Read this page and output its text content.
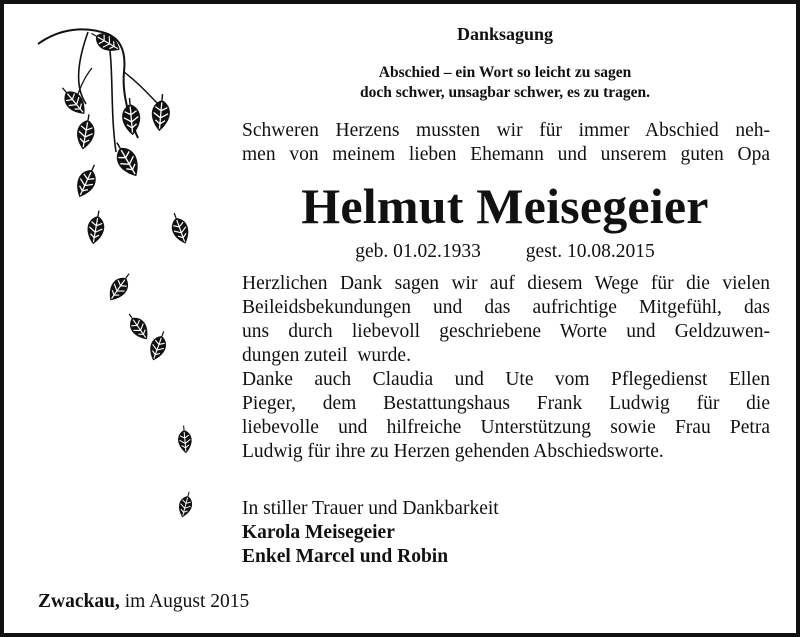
Danksagung
Abschied – ein Wort so leicht zu sagen
doch schwer, unsagbar schwer, es zu tragen.
Schweren Herzens mussten wir für immer Abschied neh-
men von meinem lieben Ehemann und unserem guten Opa
Helmut Meisegeier
geb. 01.02.1933 gest. 10.08.2015
Herzlichen Dank sagen wir auf diesem Wege für die vielen
Beileidsbekundungen und das aufrichtige Mitgefühl, das
uns durch liebevoll geschriebene Worte und Geldzuwen-
dungen zuteil  wurde.
Danke auch Claudia und Ute vom Pflegedienst Ellen
Pieger, dem Bestattungshaus Frank Ludwig für die
liebevolle und hilfreiche Unterstützung sowie Frau Petra
Ludwig für ihre zu Herzen gehenden Abschiedsworte.
In stiller Trauer und Dankbarkeit
Karola Meisegeier
Enkel Marcel und Robin
Zwackau, im August 2015
